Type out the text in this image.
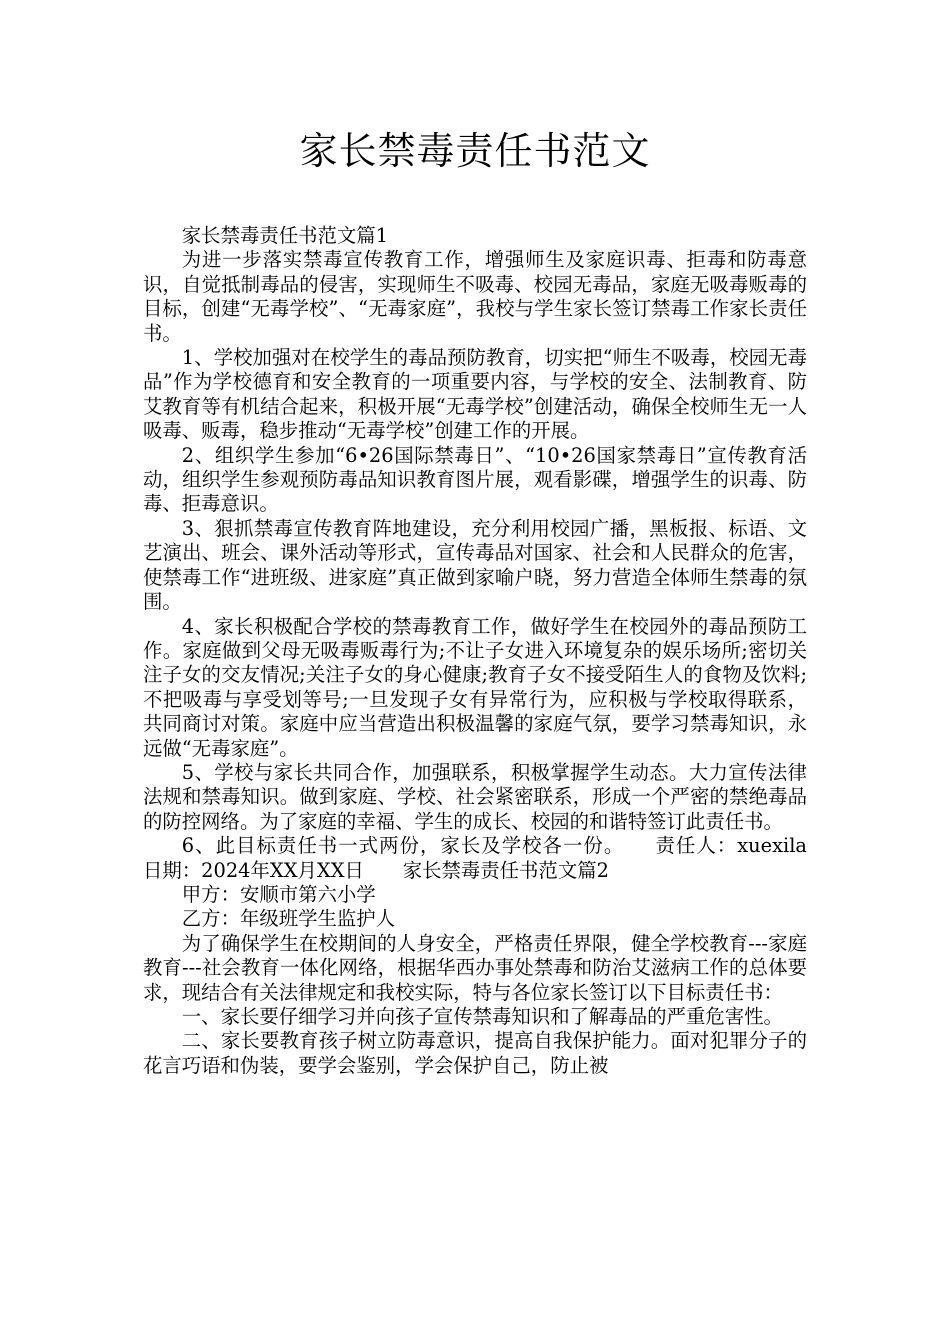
家长禁毒责任书范文

家长禁毒责任书范文篇1

为进一步落实禁毒宣传教育工作，增强师生及家庭识毒、拒毒和防毒意识，自觉抵制毒品的侵害，实现师生不吸毒、校园无毒品，家庭无吸毒贩毒的目标，创建“无毒学校”、“无毒家庭”，我校与学生家长签订禁毒工作家长责任书。

1、学校加强对在校学生的毒品预防教育，切实把“师生不吸毒，校园无毒品”作为学校德育和安全教育的一项重要内容，与学校的安全、法制教育、防艾教育等有机结合起来，积极开展“无毒学校”创建活动，确保全校师生无一人吸毒、贩毒，稳步推动“无毒学校”创建工作的开展。

2、组织学生参加“6•26国际禁毒日”、“10•26国家禁毒日”宣传教育活动，组织学生参观预防毒品知识教育图片展，观看影碟，增强学生的识毒、防毒、拒毒意识。

3、狠抓禁毒宣传教育阵地建设，充分利用校园广播，黑板报、标语、文艺演出、班会、课外活动等形式，宣传毒品对国家、社会和人民群众的危害，使禁毒工作“进班级、进家庭”真正做到家喻户晓，努力营造全体师生禁毒的氛围。

4、家长积极配合学校的禁毒教育工作，做好学生在校园外的毒品预防工作。家庭做到父母无吸毒贩毒行为;不让子女进入环境复杂的娱乐场所;密切关注子女的交友情况;关注子女的身心健康;教育子女不接受陌生人的食物及饮料;不把吸毒与享受划等号;一旦发现子女有异常行为，应积极与学校取得联系，共同商讨对策。家庭中应当营造出积极温馨的家庭气氛，要学习禁毒知识，永远做“无毒家庭”。

5、学校与家长共同合作，加强联系，积极掌握学生动态。大力宣传法律法规和禁毒知识。做到家庭、学校、社会紧密联系，形成一个严密的禁绝毒品的防控网络。为了家庭的幸福、学生的成长、校园的和谐特签订此责任书。

6、此目标责任书一式两份，家长及学校各一份。　　责任人：xuexila　　日期：2024年XX月XX日　　家长禁毒责任书范文篇2

甲方：安顺市第六小学

乙方：年级班学生监护人

为了确保学生在校期间的人身安全，严格责任界限，健全学校教育---家庭教育---社会教育一体化网络，根据华西办事处禁毒和防治艾滋病工作的总体要求，现结合有关法律规定和我校实际，特与各位家长签订以下目标责任书：

一、家长要仔细学习并向孩子宣传禁毒知识和了解毒品的严重危害性。

二、家长要教育孩子树立防毒意识，提高自我保护能力。面对犯罪分子的花言巧语和伪装，要学会鉴别，学会保护自己，防止被
